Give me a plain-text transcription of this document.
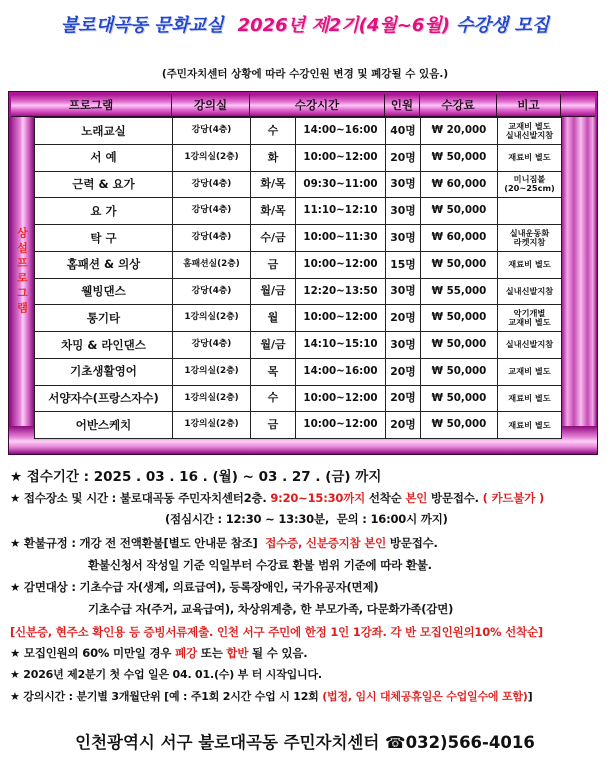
불로대곡동 문화교실 2026년 제2기(4월~6월) 수강생 모집
(주민자치센터 상황에 따라 수강인원 변경 및 폐강될 수 있음.)
프로그램	강의실	수강시간	인원	수강료	비고
상설프로그램
노래교실	강당(4층)	수	14:00~16:00	40명	₩ 20,000	교재비 별도
실내신발지참

서 예	1강의실(2층)	화	10:00~12:00	20명	₩ 50,000	재료비 별도

근력 & 요가	강당(4층)	화/목	09:30~11:00	30명	₩ 60,000	미니짐볼
(20~25cm)

요 가	강당(4층)	화/목	11:10~12:10	30명	₩ 50,000	
탁 구	강당(4층)	수/금	10:00~11:30	30명	₩ 60,000	실내운동화
라켓지참

홈패션 & 의상	홈패션실(2층)	금	10:00~12:00	15명	₩ 50,000	재료비 별도

웰빙댄스	강당(4층)	월/금	12:20~13:50	30명	₩ 55,000	실내신발지참

통기타	1강의실(2층)	월	10:00~12:00	20명	₩ 50,000	악기개별
교재비 별도

차밍 & 라인댄스	강당(4층)	월/금	14:10~15:10	30명	₩ 50,000	실내신발지참

기초생활영어	1강의실(2층)	목	14:00~16:00	20명	₩ 50,000	교재비 별도

서양자수(프랑스자수)	1강의실(2층)	수	10:00~12:00	20명	₩ 50,000	재료비 별도

어반스케치	1강의실(2층)	금	10:00~12:00	20명	₩ 50,000	재료비 별도
★ 접수기간 : 2025 . 03 . 16 . (월) ~ 03 . 27 . (금) 까지
★ 접수장소 및 시간 : 불로대곡동 주민자치센터2층. 9:20~15:30까지 선착순 본인 방문접수. ( 카드불가 )
(점심시간 : 12:30 ~ 13:30분,  문의 : 16:00시 까지)
★ 환불규정 : 개강 전 전액환불[별도 안내문 참조]  접수증, 신분증지참 본인 방문접수.
환불신청서 작성일 기준 익일부터 수강료 환불 범위 기준에 따라 환불.
★ 감면대상 : 기초수급 자(생계, 의료급여), 등록장애인, 국가유공자(면제)
기초수급 자(주거, 교육급여), 차상위계층, 한 부모가족, 다문화가족(감면)
[신분증, 현주소 확인용 등 증빙서류제출. 인천 서구 주민에 한정 1인 1강좌. 각 반 모집인원의10% 선착순]
★ 모집인원의 60% 미만일 경우 폐강 또는 합반 될 수 있음.
★ 2026년 제2분기 첫 수업 일은 04. 01.(수) 부 터 시작입니다.
★ 강의시간 : 분기별 3개월단위 [예 : 주1회 2시간 수업 시 12회 (법정, 임시 대체공휴일은 수업일수에 포함)]
인천광역시 서구 불로대곡동 주민자치센터 ☎032)566-4016
